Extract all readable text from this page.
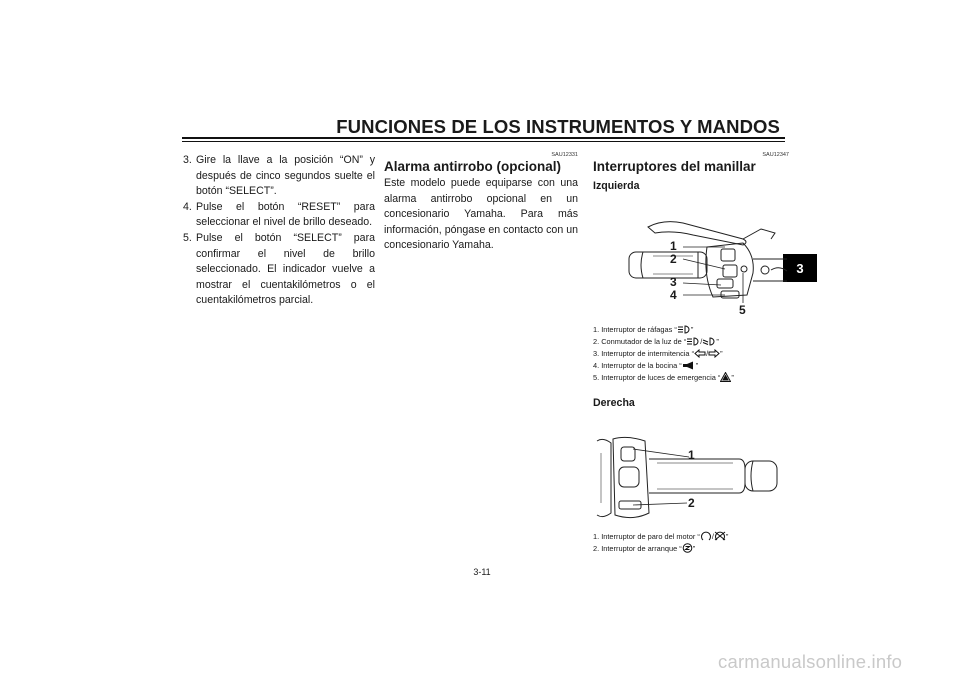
FUNCIONES DE LOS INSTRUMENTOS Y MANDOS
3
3. Gire la llave a la posición “ON” y después de cinco segundos suelte el botón “SELECT”.
4. Pulse el botón “RESET” para seleccionar el nivel de brillo deseado.
5. Pulse el botón “SELECT” para confirmar el nivel de brillo seleccionado. El indicador vuelve a mostrar el cuentakilómetros o el cuentakilómetros parcial.
SAU12331
Alarma antirrobo (opcional)

Este modelo puede equiparse con una alarma antirrobo opcional en un concesionario Yamaha. Para más información, póngase en contacto con un concesionario Yamaha.

SAU12347
Interruptores del manillar
Izquierda
1
2
3
4
5
1. Interruptor de ráfagas “ ”
2. Conmutador de la luz de “ / ”
3. Interruptor de intermitencia “ / ”
4. Interruptor de la bocina “ ”
5. Interruptor de luces de emergencia “ ”
Derecha
1
2
1. Interruptor de paro del motor “ / ”
2. Interruptor de arranque “ ”
3-11
carmanualsonline.info
